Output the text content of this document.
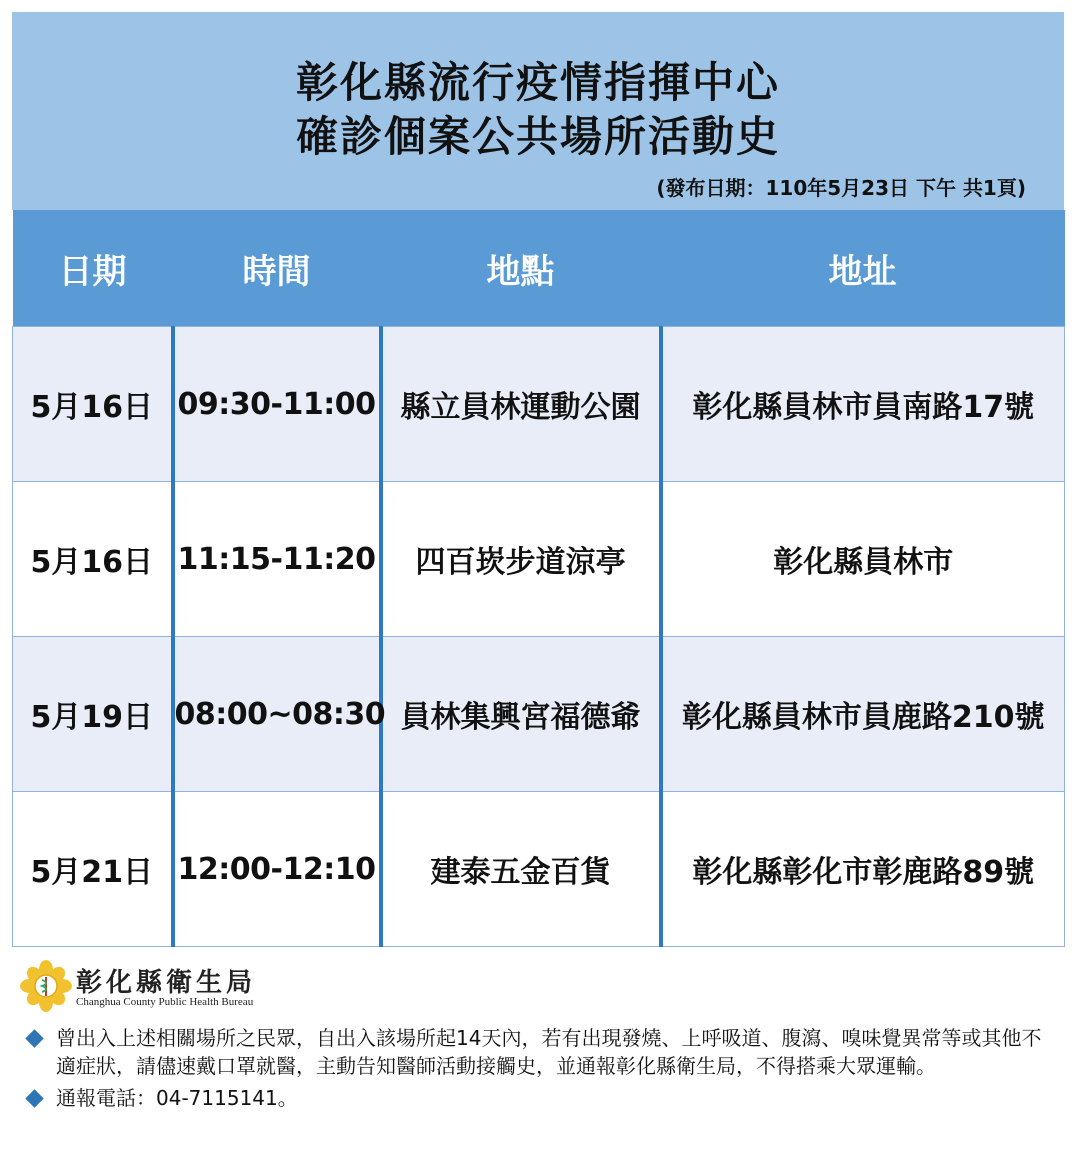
彰化縣流行疫情指揮中心
確診個案公共場所活動史
(發布日期：110年5月23日 下午 共1頁)
日期	時間	地點	地址
5月16日	09:30-11:00	縣立員林運動公園	彰化縣員林市員南路17號
5月16日	11:15-11:20	四百崁步道涼亭	彰化縣員林市
5月19日	08:00~08:30	員林集興宮福德爺	彰化縣員林市員鹿路210號
5月21日	12:00-12:10	建泰五金百貨	彰化縣彰化市彰鹿路89號
彰化縣衛生局
Changhua County Public Health Bureau
曾出入上述相關場所之民眾，自出入該場所起14天內，若有出現發燒、上呼吸道、腹瀉、嗅味覺異常等或其他不適症狀，請儘速戴口罩就醫，主動告知醫師活動接觸史，並通報彰化縣衛生局，不得搭乘大眾運輸。
通報電話：04-7115141。
